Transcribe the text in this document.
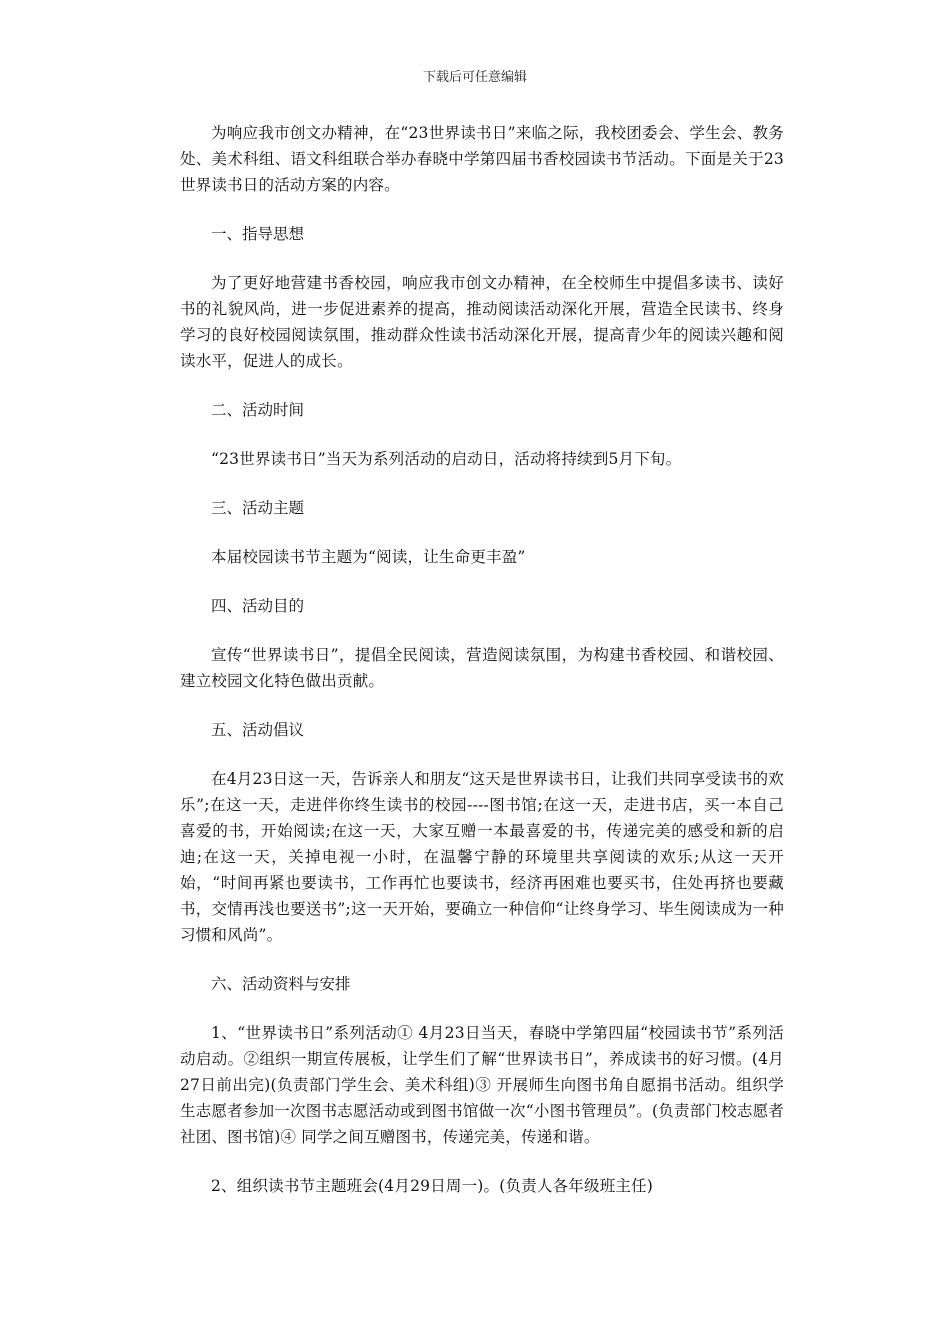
下载后可任意编辑

为响应我市创文办精神，在“23世界读书日”来临之际，我校团委会、学生会、教务处、美术科组、语文科组联合举办春晓中学第四届书香校园读书节活动。下面是关于23世界读书日的活动方案的内容。

一、指导思想

为了更好地营建书香校园，响应我市创文办精神，在全校师生中提倡多读书、读好书的礼貌风尚，进一步促进素养的提高，推动阅读活动深化开展，营造全民读书、终身学习的良好校园阅读氛围，推动群众性读书活动深化开展，提高青少年的阅读兴趣和阅读水平，促进人的成长。

二、活动时间

“23世界读书日”当天为系列活动的启动日，活动将持续到5月下旬。

三、活动主题

本届校园读书节主题为“阅读，让生命更丰盈”

四、活动目的

宣传“世界读书日”，提倡全民阅读，营造阅读氛围，为构建书香校园、和谐校园、建立校园文化特色做出贡献。

五、活动倡议

在4月23日这一天，告诉亲人和朋友“这天是世界读书日，让我们共同享受读书的欢乐”;在这一天，走进伴你终生读书的校园----图书馆;在这一天，走进书店，买一本自己喜爱的书，开始阅读;在这一天，大家互赠一本最喜爱的书，传递完美的感受和新的启迪;在这一天，关掉电视一小时，在温馨宁静的环境里共享阅读的欢乐;从这一天开始，“时间再紧也要读书，工作再忙也要读书，经济再困难也要买书，住处再挤也要藏书，交情再浅也要送书”;这一天开始，要确立一种信仰“让终身学习、毕生阅读成为一种习惯和风尚”。

六、活动资料与安排

1、“世界读书日”系列活动① 4月23日当天，春晓中学第四届“校园读书节”系列活动启动。②组织一期宣传展板，让学生们了解“世界读书日”，养成读书的好习惯。(4月27日前出完)(负责部门学生会、美术科组)③ 开展师生向图书角自愿捐书活动。组织学生志愿者参加一次图书志愿活动或到图书馆做一次“小图书管理员”。(负责部门校志愿者社团、图书馆)④ 同学之间互赠图书，传递完美，传递和谐。

2、组织读书节主题班会(4月29日周一)。(负责人各年级班主任)
